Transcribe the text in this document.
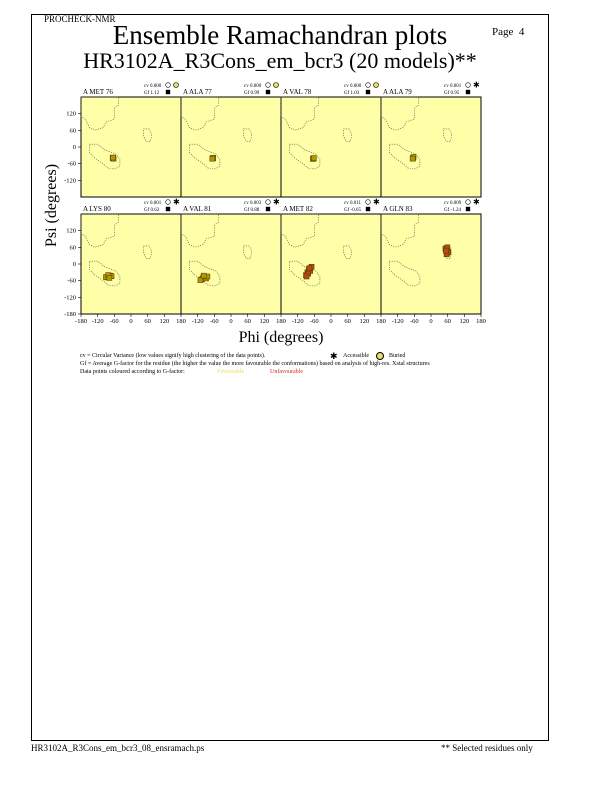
PROCHECK-NMR
Page 4
Ensemble Ramachandran plots
HR3102A_R3Cons_em_bcr3 (20 models)**
A MET 76
cv 0.000
Gf 1.12
120
60
0
-60
-120
A ALA 77
cv 0.000
Gf 0.99	A VAL 78
cv 0.000
Gf 1.03	A ALA 79
cv 0.001
Gf 0.95
✱
A LYS 80
cv 0.001
Gf 0.62
✱
120
60
0
-60
-120
-180
-180 -120 -60 0 60 120 180
A VAL 81
cv 0.003
Gf 0.88
✱
-120 -60 0 60 120 180
A MET 82
cv 0.011
Gf -0.65
✱
-120 -60 0 60 120 180
A GLN 83
cv 0.009
Gf -1.24
✱
-120 -60 0 60 120 180
Phi (degrees)
Psi (degrees)
cv = Circular Variance (low values signify high clustering of the data points).	✱ Accessible	Buried
Gf = Average G-factor for the residue (the higher the value the more favourable the conformations) based on analysis of high-res. Xstal structures
Data points coloured according to G-factor:	Favourable	Unfavourable
HR3102A_R3Cons_em_bcr3_08_ensramach.ps	** Selected residues only
